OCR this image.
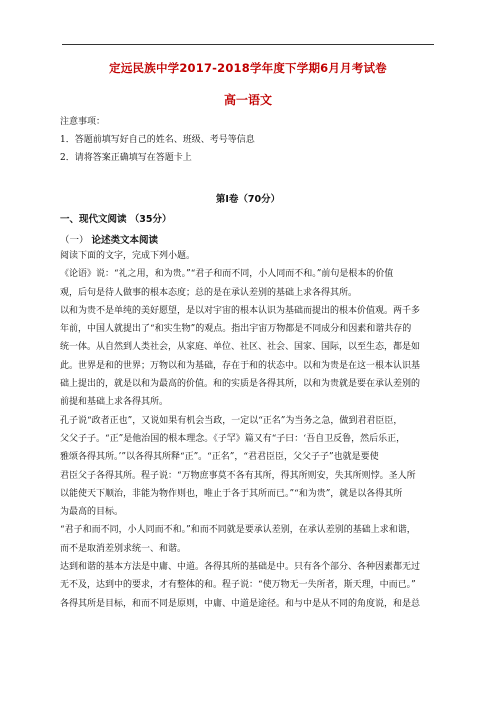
定远民族中学2017-2018学年度下学期6月月考试卷
高一语文
注意事项：
1．答题前填写好自己的姓名、班级、考号等信息
2．请将答案正确填写在答题卡上
第Ⅰ卷（70分）
一、现代文阅读 （35分）
（一） 论述类文本阅读
阅读下面的文字，完成下列小题。
《论语》说：“礼之用，和为贵。”“君子和而不同，小人同而不和。”前句是根本的价值
观，后句是待人做事的根本态度；总的是在承认差别的基础上求各得其所。
以和为贵不是单纯的美好愿望，是以对宇宙的根本认识为基础而提出的根本价值观。两千多
年前，中国人就提出了“和实生物”的观点。指出宇宙万物都是不同成分和因素和谐共存的
统一体。从自然到人类社会，从家庭、单位、社区、社会、国家、国际，以至生态，都是如
此。世界是和的世界；万物以和为基础，存在于和的状态中。以和为贵是在这一根本认识基
础上提出的，就是以和为最高的价值。和的实质是各得其所，以和为贵就是要在承认差别的
前提和基础上求各得其所。
孔子说“政者正也”，又说如果有机会当政，一定以“正名”为当务之急，做到君君臣臣，
父父子子。“正”是他治国的根本理念。《子罕》篇又有“子曰：‘吾自卫反鲁，然后乐正，
雅颂各得其所。’”以各得其所释“正”。“正名”，“君君臣臣，父父子子”也就是要使
君臣父子各得其所。程子说：“万物庶事莫不各有其所，得其所则安，失其所则悖。圣人所
以能使天下顺治，非能为物作则也，唯止于各于其所而已。”“和为贵”，就是以各得其所
为最高的目标。
“君子和而不同，小人同而不和。”和而不同就是要承认差别，在承认差别的基础上求和谐，
而不是取消差别求统一、和谐。
达到和谐的基本方法是中庸、中道。各得其所的基础是中。只有各个部分、各种因素都无过
无不及，达到中的要求，才有整体的和。程子说：“使万物无一失所者，斯天理，中而已。”
各得其所是目标，和而不同是原则，中庸、中道是途径。和与中是从不同的角度说，和是总
